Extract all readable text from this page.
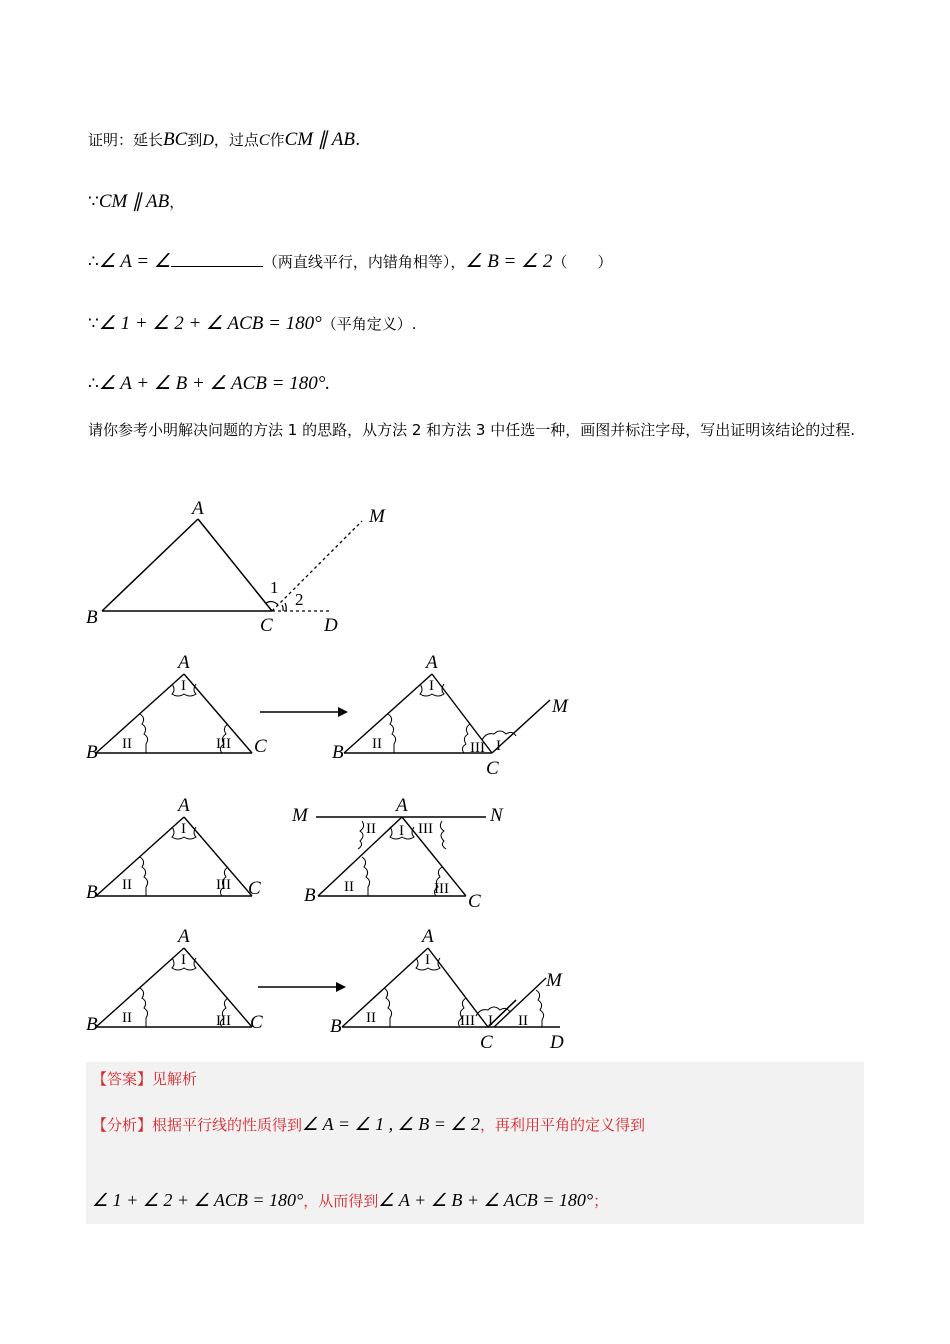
证明：延长BC到D，过点C作CM ∥ AB.
∵CM ∥ AB，
∴∠ A = ∠	（两直线平行，内错角相等），∠ B = ∠ 2（　　）
∵∠ 1 + ∠ 2 + ∠ ACB = 180°（平角定义）.
∴∠ A + ∠ B + ∠ ACB = 180°.
请你参考小明解决问题的方法 1 的思路，从方法 2 和方法 3 中任选一种，画图并标注字母，写出证明该结论的过程.
A
B	C	D
M
1
2
A
B	C
I
II	III
A
B
C
M
I
II	III I
A
B	C
I
II	III
A
M	N
B	C
I
II	III
II	III
A
B	C
I
II	III
A
B
C	D
M
I
II	III I II
【答案】见解析
【分析】根据平行线的性质得到∠ A = ∠ 1 , ∠ B = ∠ 2，再利用平角的定义得到
∠ 1 + ∠ 2 + ∠ ACB = 180°，从而得到∠ A + ∠ B + ∠ ACB = 180°；
